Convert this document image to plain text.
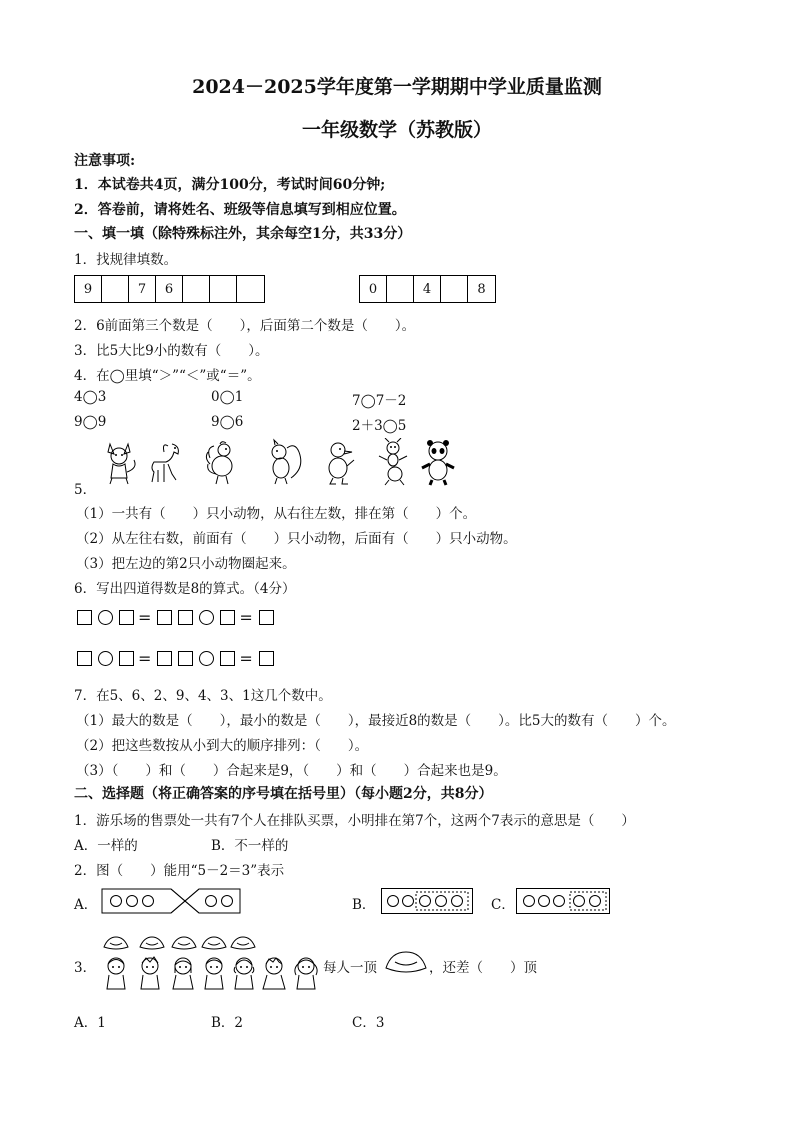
2024－2025学年度第一学期期中学业质量监测
一年级数学（苏教版）
注意事项:
1．本试卷共4页，满分100分，考试时间60分钟;
2．答卷前，请将姓名、班级等信息填写到相应位置。
一、填一填（除特殊标注外，其余每空1分，共33分）
1．找规律填数。
9	7	6	0	4	8
2．6前面第三个数是（　　），后面第二个数是（　　）。
3．比5大比9小的数有（　　）。
4．在◯里填“＞”“＜”或“＝”。
4◯3	0◯1	7◯7－2
9◯9	9◯6	2＋3◯5
5．
（1）一共有（　　）只小动物，从右往左数，排在第（　　）个。
（2）从左往右数，前面有（　　）只小动物，后面有（　　）只小动物。
（3）把左边的第2只小动物圈起来。
6．写出四道得数是8的算式。（4分）
=	=
=	=
7．在5、6、2、9、4、3、1这几个数中。
（1）最大的数是（　　），最小的数是（　　），最接近8的数是（　　）。比5大的数有（　　）个。
（2）把这些数按从小到大的顺序排列：（　　）。
（3）（　　）和（　　）合起来是9，（　　）和（　　）合起来也是9。
二、选择题（将正确答案的序号填在括号里）（每小题2分，共8分）
1．游乐场的售票处一共有7个人在排队买票，小明排在第7个，这两个7表示的意思是（　　）
A．一样的	B．不一样的
2．图（　　）能用“5－2＝3”表示
A．	B．	C．
3．	每人一顶	，还差（　　）顶
A．1	B．2	C．3
